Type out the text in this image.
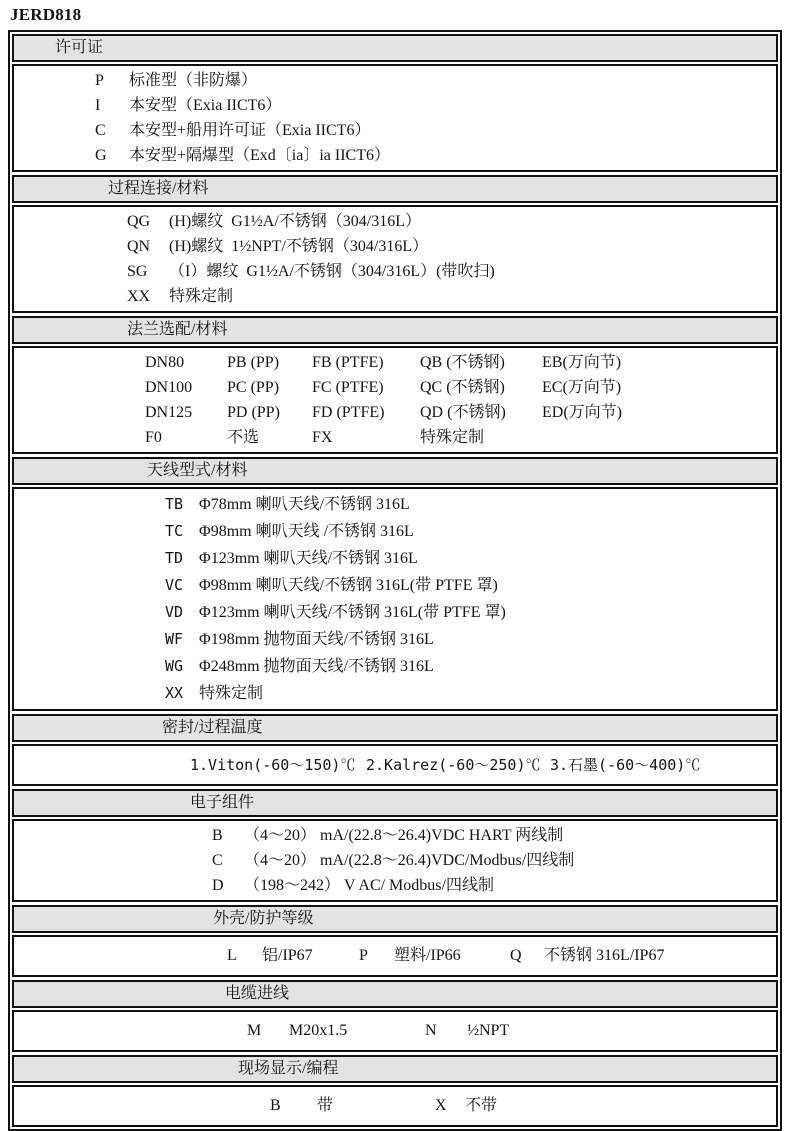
JERD818
许可证
P 标准型（非防爆）
I 本安型（Exia IICT6）
C 本安型+船用许可证（Exia IICT6）
G 本安型+隔爆型（Exd〔ia〕ia IICT6）
过程连接/材料
QG (H)螺纹  G1½A/不锈钢（304/316L）
QN (H)螺纹  1½NPT/不锈钢（304/316L）
SG （I）螺纹  G1½A/不锈钢（304/316L）(带吹扫)
XX 特殊定制
法兰选配/材料
DN80	PB (PP) FB (PTFE) QB (不锈钢) EB(万向节)
DN100 PC (PP) FC (PTFE) QC (不锈钢) EC(万向节)
DN125 PD (PP) FD (PTFE) QD (不锈钢) ED(万向节)
F0	不选	FX	特殊定制
天线型式/材料
TB Φ78mm 喇叭天线/不锈钢 316L
TC Φ98mm 喇叭天线 /不锈钢 316L
TD Φ123mm 喇叭天线/不锈钢 316L
VC Φ98mm 喇叭天线/不锈钢 316L(带 PTFE 罩)
VD Φ123mm 喇叭天线/不锈钢 316L(带 PTFE 罩)
WF Φ198mm 抛物面天线/不锈钢 316L
WG Φ248mm 抛物面天线/不锈钢 316L
XX 特殊定制
密封/过程温度
1.Viton(-60～150)℃ 2.Kalrez(-60～250)℃ 3.石墨(-60～400)℃
电子组件
B （4～20） mA/(22.8～26.4)VDC HART 两线制
C （4～20） mA/(22.8～26.4)VDC/Modbus/四线制
D （198～242） V AC/ Modbus/四线制
外壳/防护等级
L 铝/IP67	P 塑料/IP66	Q 不锈钢 316L/IP67
电缆进线
M M20x1.5	N ½NPT
现场显示/编程
B 带	X 不带
